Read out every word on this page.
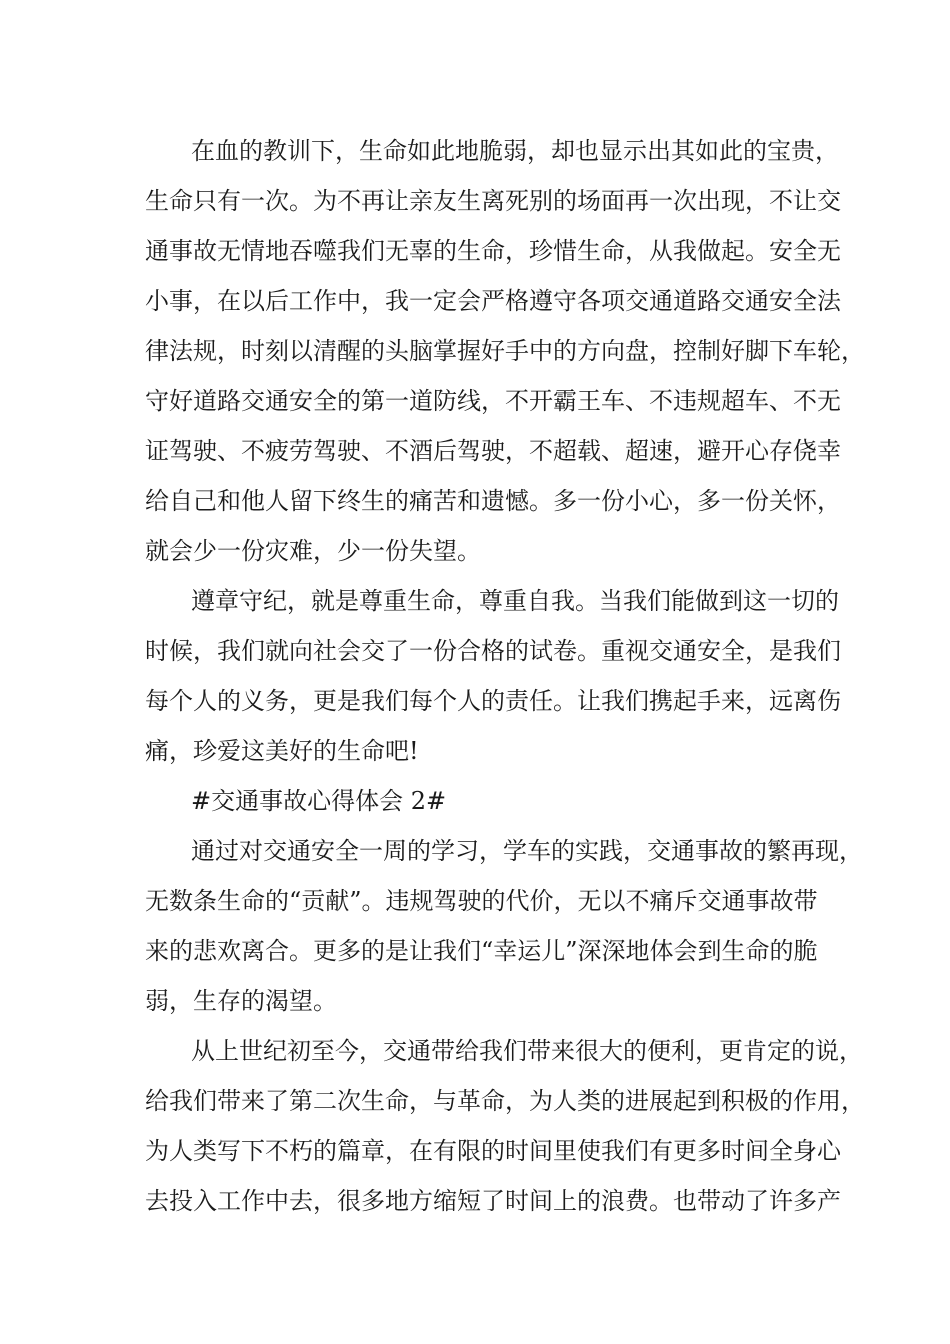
在血的教训下，生命如此地脆弱，却也显示出其如此的宝贵，
生命只有一次。为不再让亲友生离死别的场面再一次出现，不让交
通事故无情地吞噬我们无辜的生命，珍惜生命，从我做起。安全无
小事，在以后工作中，我一定会严格遵守各项交通道路交通安全法
律法规，时刻以清醒的头脑掌握好手中的方向盘，控制好脚下车轮，
守好道路交通安全的第一道防线，不开霸王车、不违规超车、不无
证驾驶、不疲劳驾驶、不酒后驾驶，不超载、超速，避开心存侥幸
给自己和他人留下终生的痛苦和遗憾。多一份小心，多一份关怀，
就会少一份灾难，少一份失望。
遵章守纪，就是尊重生命，尊重自我。当我们能做到这一切的
时候，我们就向社会交了一份合格的试卷。重视交通安全，是我们
每个人的义务，更是我们每个人的责任。让我们携起手来，远离伤
痛，珍爱这美好的生命吧!
#交通事故心得体会 2#
通过对交通安全一周的学习，学车的实践，交通事故的繁再现，
无数条生命的“贡献”。违规驾驶的代价，无以不痛斥交通事故带
来的悲欢离合。更多的是让我们“幸运儿”深深地体会到生命的脆
弱，生存的渴望。
从上世纪初至今，交通带给我们带来很大的便利，更肯定的说，
给我们带来了第二次生命，与革命，为人类的进展起到积极的作用，
为人类写下不朽的篇章，在有限的时间里使我们有更多时间全身心
去投入工作中去，很多地方缩短了时间上的浪费。也带动了许多产
